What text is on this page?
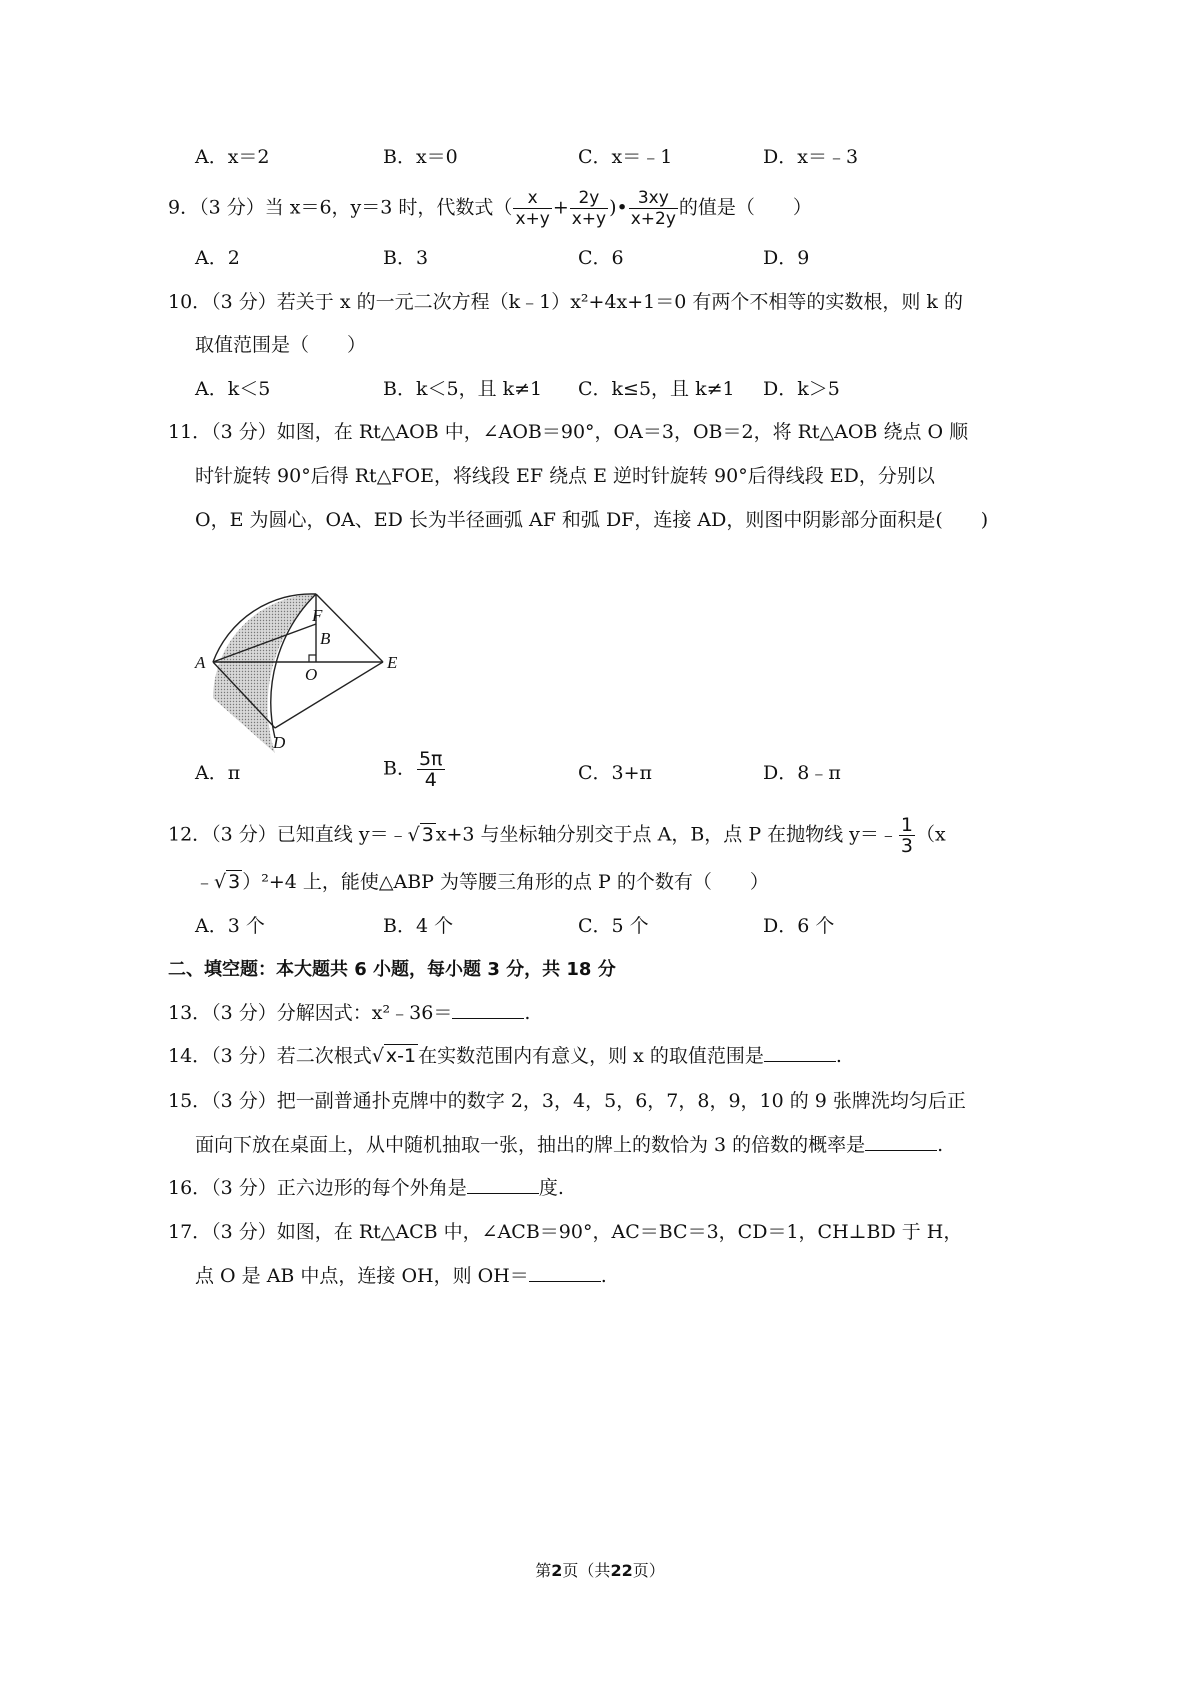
A．x＝2	B．x＝0	C．x＝﹣1	D．x＝﹣3
9．（3 分）当 x＝6，y＝3 时，代数式（ $\frac{x}{x+y} + \frac{2y}{x+y}$ )• $\frac{3xy}{x+2y}$ 的值是（　　）
A．2	B．3	C．6	D．9
10．（3 分）若关于 x 的一元二次方程（k﹣1）x²+4x+1＝0 有两个不相等的实数根，则 k 的
取值范围是（　　）
A．k＜5	B．k＜5，且 k≠1 C．k≤5，且 k≠1 D．k＞5
11．（3 分）如图，在 Rt△AOB 中，∠AOB＝90°，OA＝3，OB＝2，将 Rt△AOB 绕点 O 顺
时针旋转 90°后得 Rt△FOE，将线段 EF 绕点 E 逆时针旋转 90°后得线段 ED，分别以
O，E 为圆心，OA、ED 长为半径画弧 AF 和弧 DF，连接 AD，则图中阴影部分面积是(　　)
F
B
A
O
E
D
A．π	B． $\frac{5\pi}{4}$	C．3+π	D．8﹣π
12．（3 分）已知直线 y＝﹣√ 3 x+3 与坐标轴分别交于点 A，B，点 P 在抛物线 y＝﹣ $\frac{1}{3} (x$
﹣√ 3 ）²+4 上，能使△ABP 为等腰三角形的点 P 的个数有（　　）
A．3 个	B．4 个	C．5 个	D．6 个
二、填空题：本大题共 6 小题，每小题 3 分，共 18 分
13．（3 分）分解因式：x²﹣36＝	.
14．（3 分）若二次根式√ x-1 在实数范围内有意义，则 x 的取值范围是	.
15．（3 分）把一副普通扑克牌中的数字 2，3，4，5，6，7，8，9，10 的 9 张牌洗均匀后正
面向下放在桌面上，从中随机抽取一张，抽出的牌上的数恰为 3 的倍数的概率是	.
16．（3 分）正六边形的每个外角是	度.
17．（3 分）如图，在 Rt△ACB 中，∠ACB＝90°，AC＝BC＝3，CD＝1，CH⊥BD 于 H，
点 O 是 AB 中点，连接 OH，则 OH＝	.
第2页（共22页）
